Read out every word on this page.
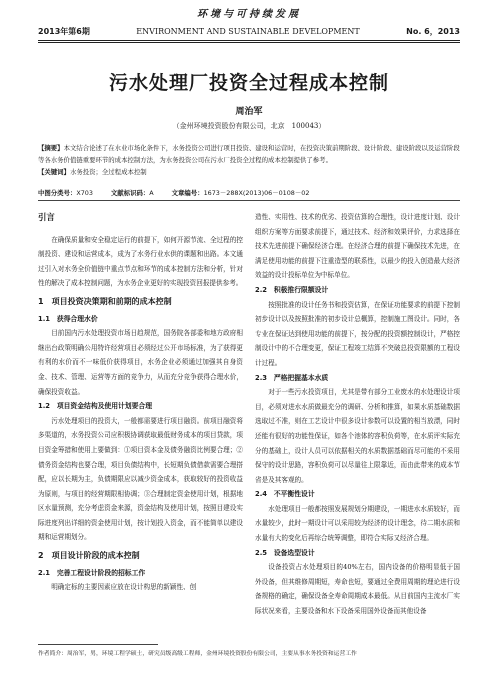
环境与可持续发展
2013年第6期	ENVIRONMENT AND SUSTAINABLE DEVELOPMENT	No. 6，2013
污水处理厂投资全过程成本控制
周治军
（金州环境投资股份有限公司，北京　100043）

【摘要】本文结合论述了在水业市场化条件下，水务投资公司进行项目投资、建设和运营时，在投资决策前期阶段、设计阶段、建设阶段以及运营阶段等各水务价值链重要环节的成本控制方法，为水务投资公司在污水厂投资全过程的成本控制提供了参考。

【关键词】水务投资；全过程成本控制

中图分类号：X703	文献标识码：A	文章编号：1673－288X(2013)06－0108－02
引言

在确保质量和安全稳定运行的前提下，如何开源节流、全过程的控制投资、建设和运营成本，成为了水务行业水供的课题和出路。本文通过引入对水务全价值链中重点节点和环节的成本控制方法和分析，针对性的解决了成本控制问题，为水务企业更好的实现投资回报提供参考。

1　项目投资决策期和前期的成本控制
1.1　获得合理水价

目前国内污水处理投资市场日趋规范，国务院各部委和地方政府相继出台政策明确公用特许经营项目必须经过公开市场标准，为了获得更有利的水价而不一味低价获得项目，水务企业必须通过加强其自身资金、技术、管理、运营等方面的竞争力，从而充分竞争获得合理水价，确保投资收益。

1.2　项目资金结构及使用计划要合理

污水处理项目的投资大，一般都需要进行项目融资。前项目融资将多渠道的，水务投资公司应积极协调获取最低财务成本的项目贷款，项目资金筹措和使用上要做到：①项目资本金及债务融资比例要合理；②债务资金结构也要合理，项目负债结构中，长短期负债借款需要合理搭配，应以长期为主，负债期限应以减少资金成本，获取较好的投资收益为原则，与项目的经营期限相协调；③合理制定资金使用计划，根据地区水量预测，充分考虑资金来源，资金结构及使用计划，按照目建设实际进度列出详细的资金使用计划，按计划投入资金，而不能简单以建设期和运营期划分。

2　项目设计阶段的成本控制
2.1　完善工程设计阶段的招标工作

明确定标的主要因素应放在设计构思的新颖性、创

造性、实用性、技术的优劣、投资估算的合理性，设计进度计划、设计组织方案等方面要求前提下，通过技术、经济和效果评价，力求选择在技术先进前提下确保经济合理。在经济合理的前提下确保技术先进，在满足使用功能的前提下注重造型的联系性，以最少的投入创造最大经济效益的设计投标单位为中标单位。

2.2　积极推行限额设计

按照批准的设计任务书和投资估算，在保证功能要求的前提下控制初步设计以及按照批准的初步设计总概算，控制施工图设计。同时，各专业在保证达到使用功能的前提下，按分配的投资额控制设计，严格控制设计中的不合理变更，保证工程竣工结算不突破总投资限额的工程设计过程。

2.3　严格把握基本水质

对于一些污水投资项目，尤其是带有部分工业废水的水处理设计项目，必须对进水水质做最充分的调研、分析和推算，如果水质基础数据选取过不准，则在工艺设计中很多设计参数可以设置的相当放漂，同时还能有很好的功能性保证，如各个池体的容积负荷等，在水质评实际充分的基础上，设计人员可以依据相关的水质数据基础而尽可能的不采用保守的设计思路，容积负荷可以尽量往上限靠近，而由此带来的成本节省是及其客观的。

2.4　不平衡性设计

水处理项目一般都按照发展规划分期建设，一期进水水质较好，而水量较少，此时一期设计可以采用较为经济的设计理念，待二期水质和水量有大的变化后再综合统筹调整，即符合实际又经济合理。

2.5　设备选型设计

设备投资占水处理项目的40%左右，国内设备的价格明显低于国外设备，但其维修周期短，寿命也短，要通过全费用周期的理论进行设备规格的确定，确保设备全寿命周期成本最低。从目前国内主流水厂实际状况来看，主要设备和水下设备采用国外设备而其他设备

作者简介：周治军，男，环境工程学硕士，研究员级高级工程师，金州环境投资股份有限公司，主要从事水务投资和运营工作
